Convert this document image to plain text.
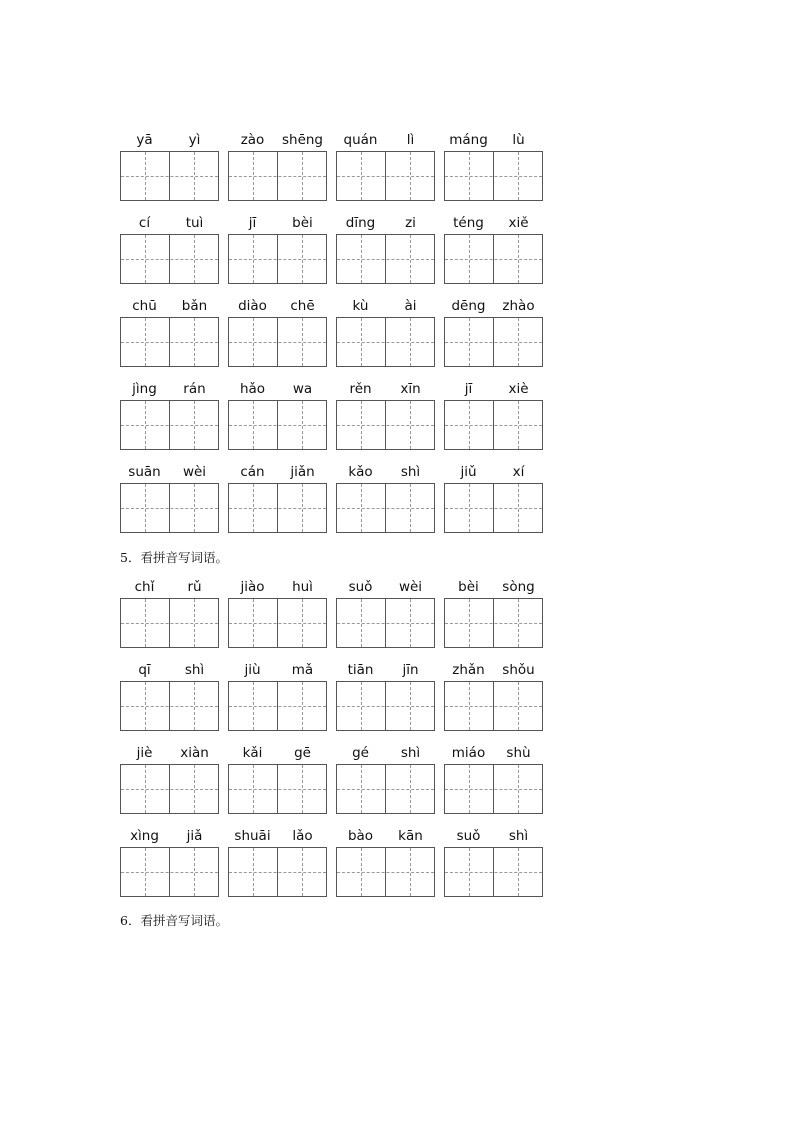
yā	yì	zào	shēng	quán	lì	máng	lù
cí	tuì	jī	bèi	dīng	zi	téng	xiě
chū	bǎn	diào	chē	kù	ài	dēng	zhào
jìng	rán	hǎo	wa	rěn	xīn	jī	xiè
suān	wèi	cán	jiǎn	kǎo	shì	jiǔ	xí
5．看拼音写词语。
chǐ	rǔ	jiào	huì	suǒ	wèi	bèi	sòng
qī	shì	jiù	mǎ	tiān	jīn	zhǎn	shǒu
jiè	xiàn	kǎi	gē	gé	shì	miáo	shù
xìng	jiǎ	shuāi	lǎo	bào	kān	suǒ	shì
6．看拼音写词语。
